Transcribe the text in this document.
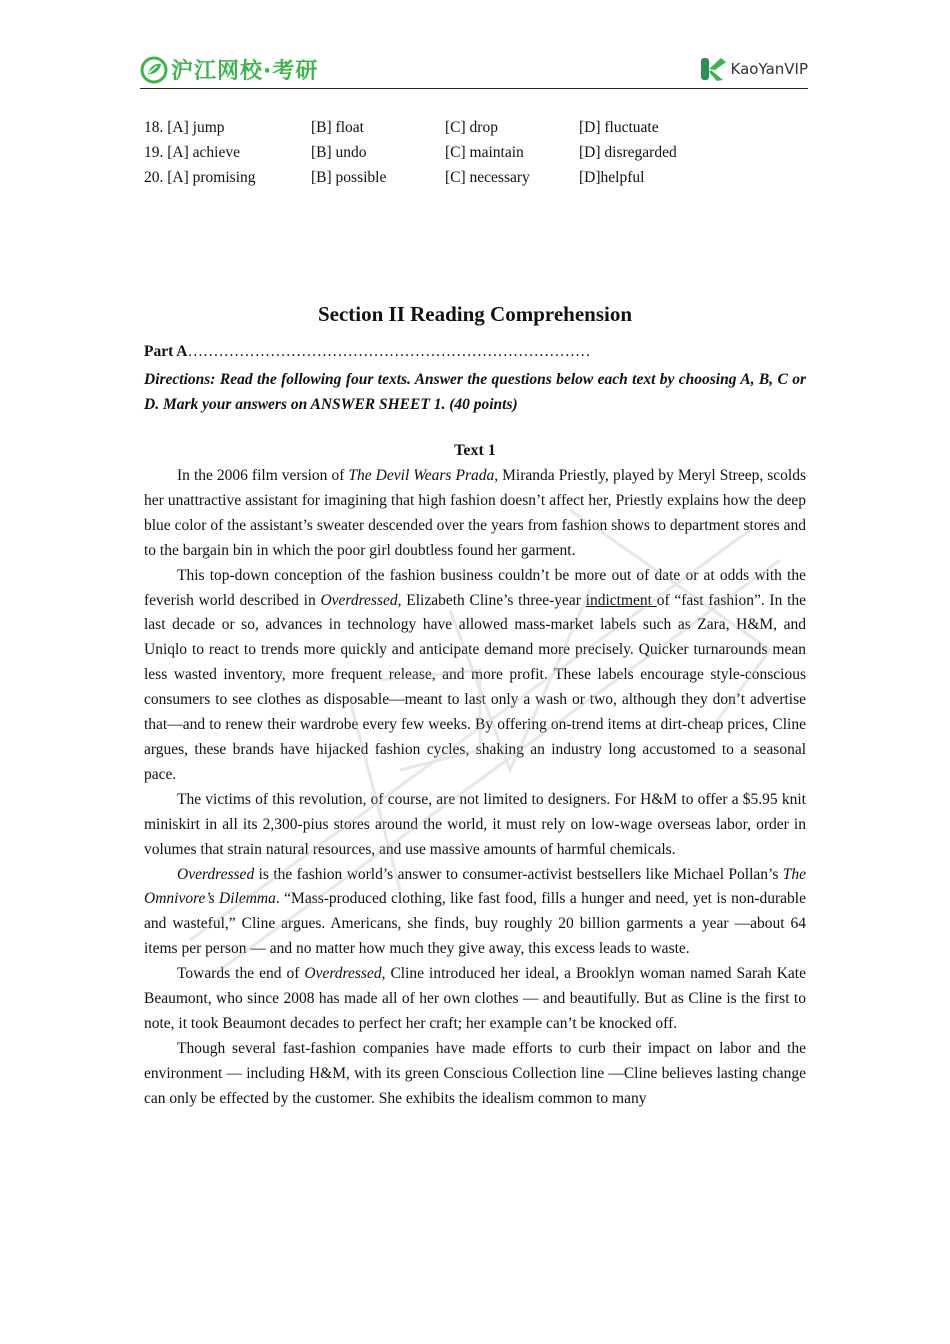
沪江网校·考研	KaoYanVIP
18. [A] jump	[B] float	[C] drop	[D] fluctuate
19. [A] achieve	[B] undo	[C] maintain	[D] disregarded
20. [A] promising	[B] possible	[C] necessary	[D]helpful
Section II Reading Comprehension
Part A……………………………………………………………………
Directions: Read the following four texts. Answer the questions below each text by choosing A, B, C or D. Mark your answers on ANSWER SHEET 1. (40 points)
Text 1

In the 2006 film version of The Devil Wears Prada, Miranda Priestly, played by Meryl Streep, scolds her unattractive assistant for imagining that high fashion doesn’t affect her, Priestly explains how the deep blue color of the assistant’s sweater descended over the years from fashion shows to department stores and to the bargain bin in which the poor girl doubtless found her garment.

This top-down conception of the fashion business couldn’t be more out of date or at odds with the feverish world described in Overdressed, Elizabeth Cline’s three-year indictment of “fast fashion”. In the last decade or so, advances in technology have allowed mass-market labels such as Zara, H&M, and Uniqlo to react to trends more quickly and anticipate demand more precisely. Quicker turnarounds mean less wasted inventory, more frequent release, and more profit. These labels encourage style-conscious consumers to see clothes as disposable—meant to last only a wash or two, although they don’t advertise that—and to renew their wardrobe every few weeks. By offering on-trend items at dirt-cheap prices, Cline argues, these brands have hijacked fashion cycles, shaking an industry long accustomed to a seasonal pace.

The victims of this revolution, of course, are not limited to designers. For H&M to offer a $5.95 knit miniskirt in all its 2,300-pius stores around the world, it must rely on low-wage overseas labor, order in volumes that strain natural resources, and use massive amounts of harmful chemicals.

Overdressed is the fashion world’s answer to consumer-activist bestsellers like Michael Pollan’s The Omnivore’s Dilemma. “Mass-produced clothing, like fast food, fills a hunger and need, yet is non-durable and wasteful,” Cline argues. Americans, she finds, buy roughly 20 billion garments a year —about 64 items per person — and no matter how much they give away, this excess leads to waste.

Towards the end of Overdressed, Cline introduced her ideal, a Brooklyn woman named Sarah Kate Beaumont, who since 2008 has made all of her own clothes — and beautifully. But as Cline is the first to note, it took Beaumont decades to perfect her craft; her example can’t be knocked off.

Though several fast-fashion companies have made efforts to curb their impact on labor and the environment — including H&M, with its green Conscious Collection line —Cline believes lasting change can only be effected by the customer. She exhibits the idealism common to many
